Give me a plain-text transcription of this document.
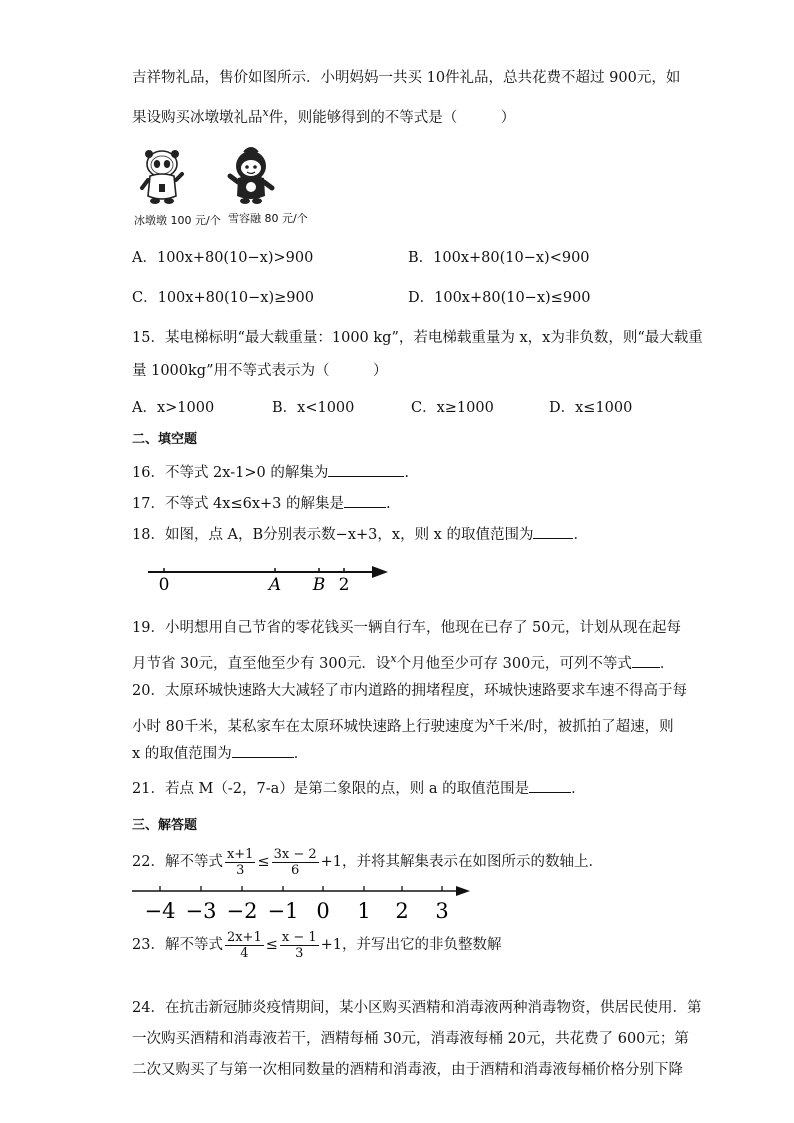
吉祥物礼品，售价如图所示．小明妈妈一共买 10件礼品，总共花费不超过 900元，如
果设购买冰墩墩礼品$^x$件，则能够得到的不等式是（　　　）
冰墩墩 100 元/个 雪容融 80 元/个
A．100x+80(10−x)>900	B．100x+80(10−x)<900
C．100x+80(10−x)≥900	D．100x+80(10−x)≤900
15．某电梯标明“最大载重量：1000 kg”，若电梯载重量为 x，x为非负数，则“最大载重
量 1000kg”用不等式表示为（　　　）
A．x>1000	B．x<1000	C．x≥1000	D．x≤1000
二、填空题
16．不等式 2x-1>0 的解集为	.
17．不等式 4x≤6x+3 的解集是	.
18．如图，点 A，B分别表示数−x+3，x，则 x 的取值范围为	．
0	A B 2
19．小明想用自己节省的零花钱买一辆自行车，他现在已存了 50元，计划从现在起每
月节省 30元，直至他至少有 300元．设$^x$个月他至少可存 300元，可列不等式 ．
20．太原环城快速路大大减轻了市内道路的拥堵程度，环城快速路要求车速不得高于每
小时 80千米，某私家车在太原环城快速路上行驶速度为$^x$千米/时，被抓拍了超速，则
x 的取值范围为	．
21．若点 M（-2，7-a）是第二象限的点，则 a 的取值范围是	．
三、解答题
22．解不等式 $\frac{x+1}{3} \le \frac{3x - 2}{6} +1$，并将其解集表示在如图所示的数轴上．
−4 −3 −2 −1 0 1 2 3
23．解不等式 $\frac{2x+1}{4} \le \frac{x - 1}{3} +1$，并写出它的非负整数解
24．在抗击新冠肺炎疫情期间，某小区购买酒精和消毒液两种消毒物资，供居民使用．第
一次购买酒精和消毒液若干，酒精每桶 30元，消毒液每桶 20元，共花费了 600元；第
二次又购买了与第一次相同数量的酒精和消毒液，由于酒精和消毒液每桶价格分别下降
